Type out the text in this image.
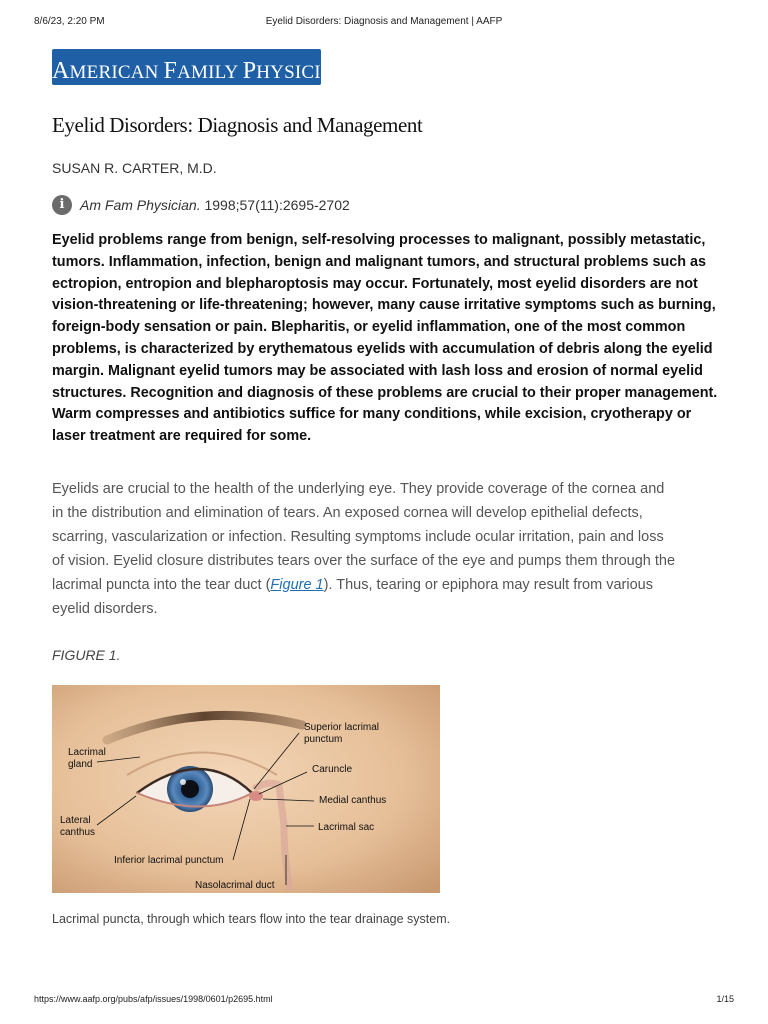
8/6/23, 2:20 PM	Eyelid Disorders: Diagnosis and Management | AAFP
AMERICAN FAMILY PHYSICIAN®
Eyelid Disorders: Diagnosis and Management
SUSAN R. CARTER, M.D.
i Am Fam Physician. 1998;57(11):2695-2702

Eyelid problems range from benign, self-resolving processes to malignant, possibly metastatic, tumors. Inflammation, infection, benign and malignant tumors, and structural problems such as ectropion, entropion and blepharoptosis may occur. Fortunately, most eyelid disorders are not vision-threatening or life-threatening; however, many cause irritative symptoms such as burning, foreign-body sensation or pain. Blepharitis, or eyelid inflammation, one of the most common problems, is characterized by erythematous eyelids with accumulation of debris along the eyelid margin. Malignant eyelid tumors may be associated with lash loss and erosion of normal eyelid structures. Recognition and diagnosis of these problems are crucial to their proper management. Warm compresses and antibiotics suffice for many conditions, while excision, cryotherapy or laser treatment are required for some.

Eyelids are crucial to the health of the underlying eye. They provide coverage of the cornea and
in the distribution and elimination of tears. An exposed cornea will develop epithelial defects,
scarring, vascularization or infection. Resulting symptoms include ocular irritation, pain and loss
of vision. Eyelid closure distributes tears over the surface of the eye and pumps them through the
lacrimal puncta into the tear duct (Figure 1). Thus, tearing or epiphora may result from various
eyelid disorders.
FIGURE 1.
Lacrimal
gland
Superior lacrimal
punctum
Caruncle
Medial canthus
Lateral
canthus	Lacrimal sac
Inferior lacrimal punctum
Nasolacrimal duct
Lacrimal puncta, through which tears flow into the tear drainage system.
https://www.aafp.org/pubs/afp/issues/1998/0601/p2695.html	1/15
